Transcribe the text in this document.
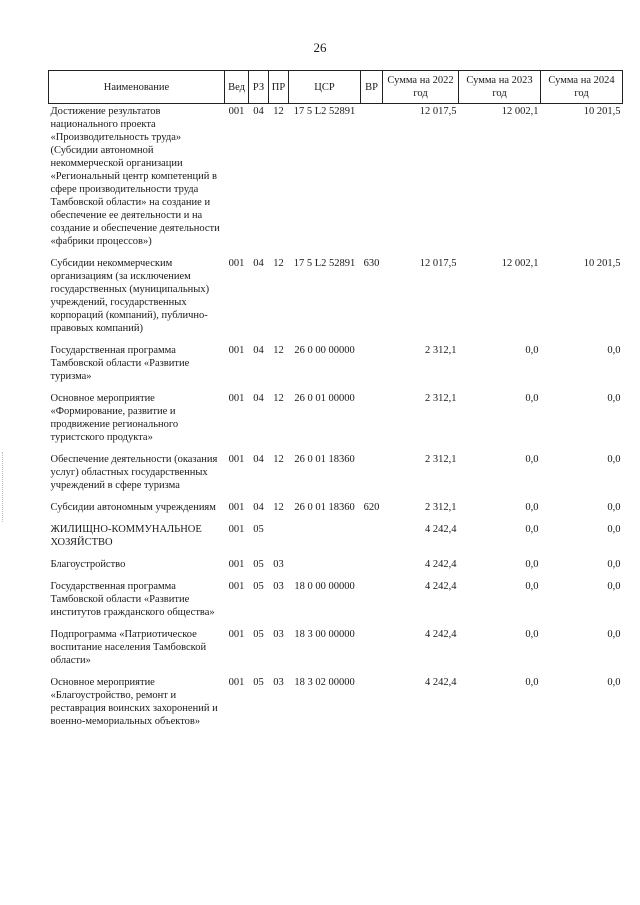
26
Наименование	Вед	РЗ	ПР	ЦСР	ВР	Сумма на 2022 год	Сумма на 2023 год	Сумма на 2024 год
Достижение результатов национального проекта «Производительность труда» (Субсидии автономной некоммерческой организации «Региональный центр компетенций в сфере производительности труда Тамбовской области» на создание и обеспечение ее деятельности и на создание и обеспечение деятельности «фабрики процессов»)	001	04	12	17 5 L2 52891		12 017,5	12 002,1	10 201,5
Субсидии некоммерческим организациям (за исключением государственных (муниципальных) учреждений, государственных корпораций (компаний), публично-правовых компаний)	001	04	12	17 5 L2 52891	630	12 017,5	12 002,1	10 201,5
Государственная программа Тамбовской области «Развитие туризма»	001	04	12	26 0 00 00000		2 312,1	0,0	0,0
Основное мероприятие «Формирование, развитие и продвижение регионального туристского продукта»	001	04	12	26 0 01 00000		2 312,1	0,0	0,0
Обеспечение деятельности (оказания услуг) областных государственных учреждений в сфере туризма	001	04	12	26 0 01 18360		2 312,1	0,0	0,0
Субсидии автономным учреждениям	001	04	12	26 0 01 18360	620	2 312,1	0,0	0,0
ЖИЛИЩНО-КОММУНАЛЬНОЕ ХОЗЯЙСТВО	001	05				4 242,4	0,0	0,0
Благоустройство	001	05	03			4 242,4	0,0	0,0
Государственная программа Тамбовской области «Развитие институтов гражданского общества»	001	05	03	18 0 00 00000		4 242,4	0,0	0,0
Подпрограмма «Патриотическое воспитание населения Тамбовской области»	001	05	03	18 3 00 00000		4 242,4	0,0	0,0
Основное мероприятие «Благоустройство, ремонт и реставрация воинских захоронений и военно-мемориальных объектов»	001	05	03	18 3 02 00000		4 242,4	0,0	0,0
